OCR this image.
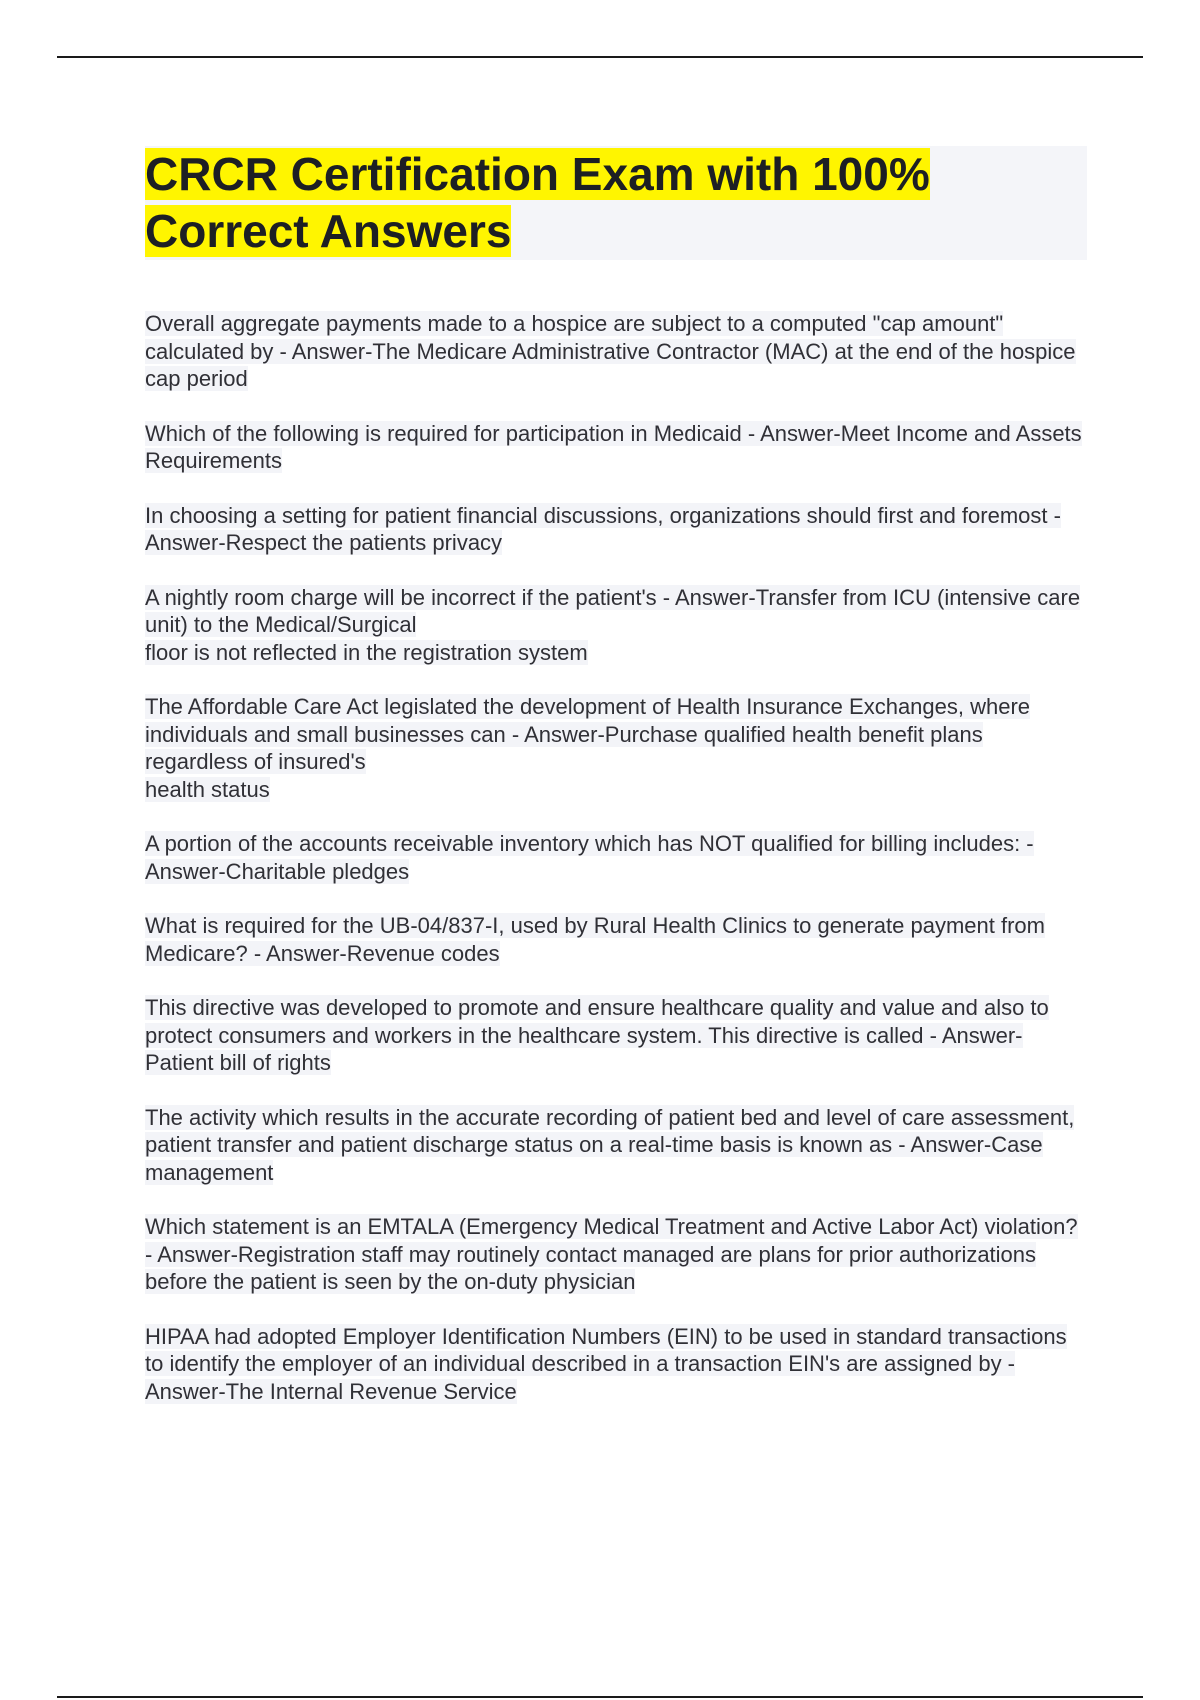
CRCR Certification Exam with 100% Correct Answers
Overall aggregate payments made to a hospice are subject to a computed "cap amount" calculated by - Answer-The Medicare Administrative Contractor (MAC) at the end of the hospice cap period
Which of the following is required for participation in Medicaid - Answer-Meet Income and Assets Requirements
In choosing a setting for patient financial discussions, organizations should first and foremost - Answer-Respect the patients privacy
A nightly room charge will be incorrect if the patient's - Answer-Transfer from ICU (intensive care unit) to the Medical/Surgical
floor is not reflected in the registration system
The Affordable Care Act legislated the development of Health Insurance Exchanges, where individuals and small businesses can - Answer-Purchase qualified health benefit plans regardless of insured's
health status
A portion of the accounts receivable inventory which has NOT qualified for billing includes: - Answer-Charitable pledges
What is required for the UB-04/837-I, used by Rural Health Clinics to generate payment from Medicare? - Answer-Revenue codes
This directive was developed to promote and ensure healthcare quality and value and also to protect consumers and workers in the healthcare system. This directive is called - Answer-Patient bill of rights
The activity which results in the accurate recording of patient bed and level of care assessment, patient transfer and patient discharge status on a real-time basis is known as - Answer-Case management
Which statement is an EMTALA (Emergency Medical Treatment and Active Labor Act) violation? - Answer-Registration staff may routinely contact managed are plans for prior authorizations before the patient is seen by the on-duty physician
HIPAA had adopted Employer Identification Numbers (EIN) to be used in standard transactions to identify the employer of an individual described in a transaction EIN's are assigned by - Answer-The Internal Revenue Service
